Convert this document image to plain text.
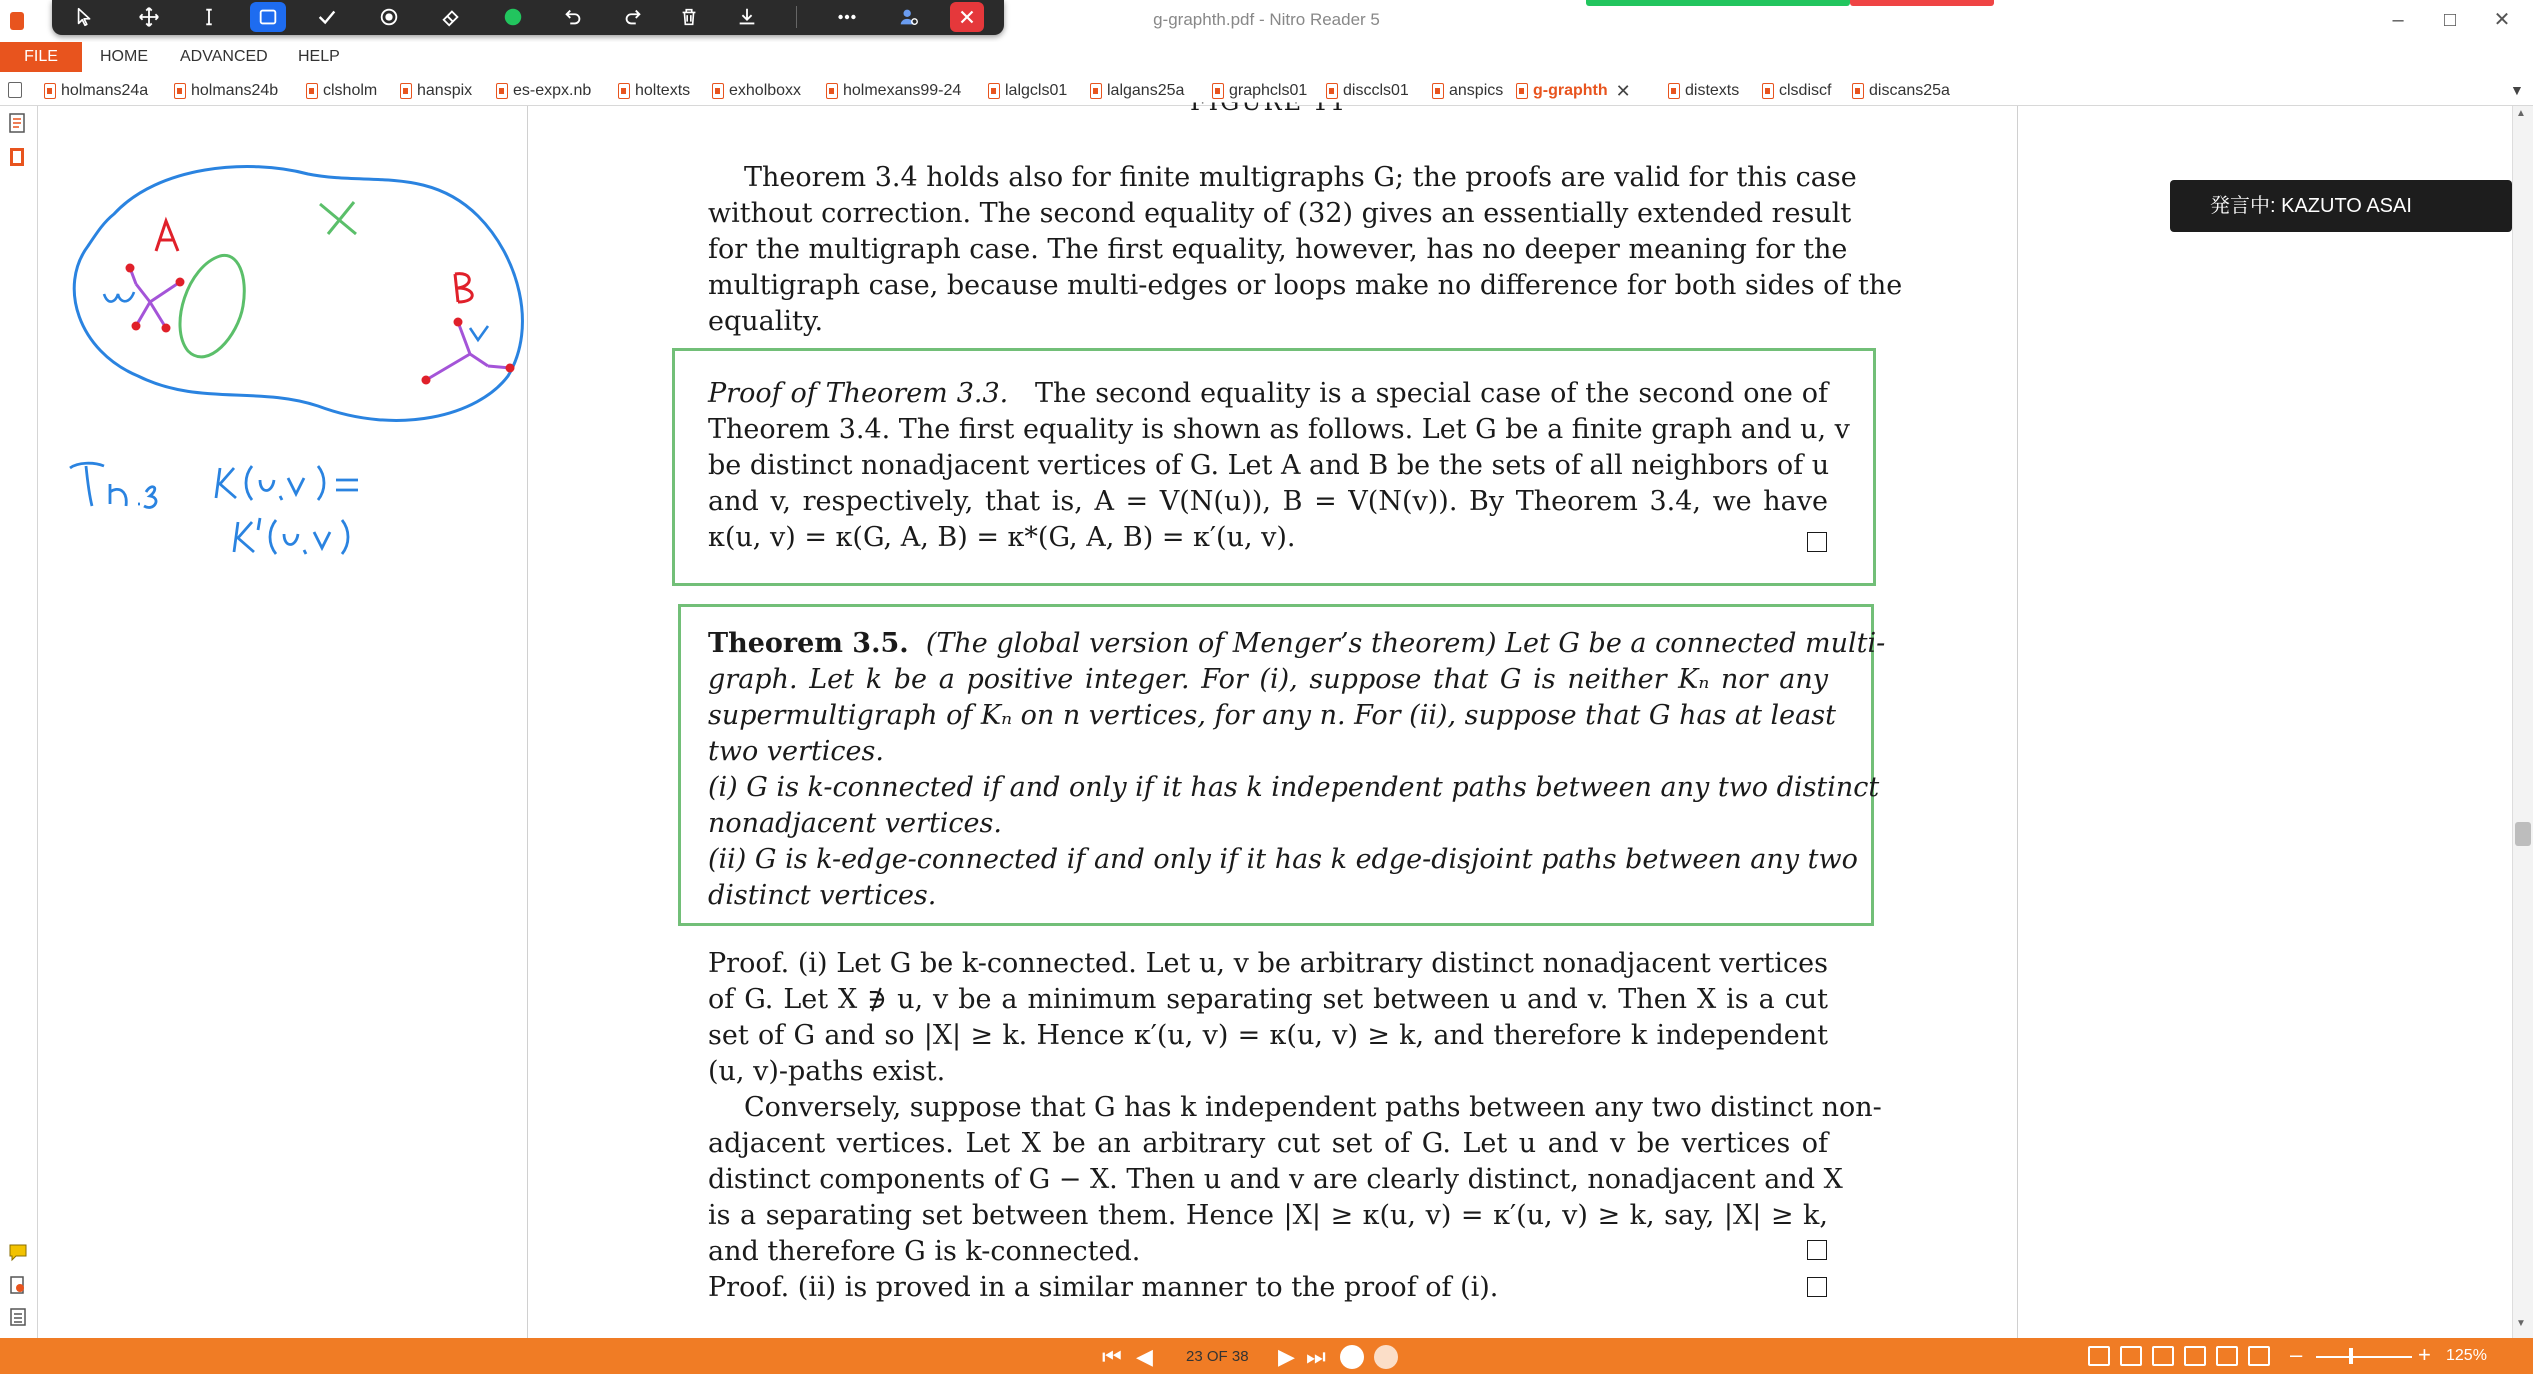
g-graphth.pdf - Nitro Reader 5	–	□	✕
FILE	HOME ADVANCED HELP
holmans24a	holmans24b	clsholm hanspix	es-expx.nb	holtexts exholboxx	holmexans99-24	lalgcls01 lalgans25a	graphcls01 disccls01	anspics g-graphth ✕	distexts clsdiscf discans25a	▼
Theorem 3.4 holds also for finite multigraphs G; the proofs are valid for this case
without correction. The second equality of (32) gives an essentially extended result
for the multigraph case. The first equality, however, has no deeper meaning for the
multigraph case, because multi-edges or loops make no difference for both sides of the
equality.
Proof of Theorem 3.3. The second equality is a special case of the second one of
Theorem 3.4. The first equality is shown as follows. Let G be a finite graph and u, v
be distinct nonadjacent vertices of G. Let A and B be the sets of all neighbors of u
and v, respectively, that is, A = V(N(u)), B = V(N(v)). By Theorem 3.4, we have
κ(u, v) = κ(G, A, B) = κ*(G, A, B) = κ′(u, v).
Theorem 3.5. (The global version of Menger’s theorem) Let G be a connected multi-
graph. Let k be a positive integer. For (i), suppose that G is neither Kₙ nor any
supermultigraph of Kₙ on n vertices, for any n. For (ii), suppose that G has at least
two vertices.
(i) G is k-connected if and only if it has k independent paths between any two distinct
nonadjacent vertices.
(ii) G is k-edge-connected if and only if it has k edge-disjoint paths between any two
distinct vertices.
Proof. (i) Let G be k-connected. Let u, v be arbitrary distinct nonadjacent vertices
of G. Let X ∌ u, v be a minimum separating set between u and v. Then X is a cut
set of G and so |X| ≥ k. Hence κ′(u, v) = κ(u, v) ≥ k, and therefore k independent
(u, v)-paths exist.
Conversely, suppose that G has k independent paths between any two distinct non-
adjacent vertices. Let X be an arbitrary cut set of G. Let u and v be vertices of
distinct components of G − X. Then u and v are clearly distinct, nonadjacent and X
is a separating set between them. Hence |X| ≥ κ(u, v) = κ′(u, v) ≥ k, say, |X| ≥ k,
and therefore G is k-connected.
Proof. (ii) is proved in a similar manner to the proof of (i).
発言中: KAZUTO ASAI
▲
▼
⏮ ◀ 23 OF 38 ▶ ⏭	–	+ 125%
